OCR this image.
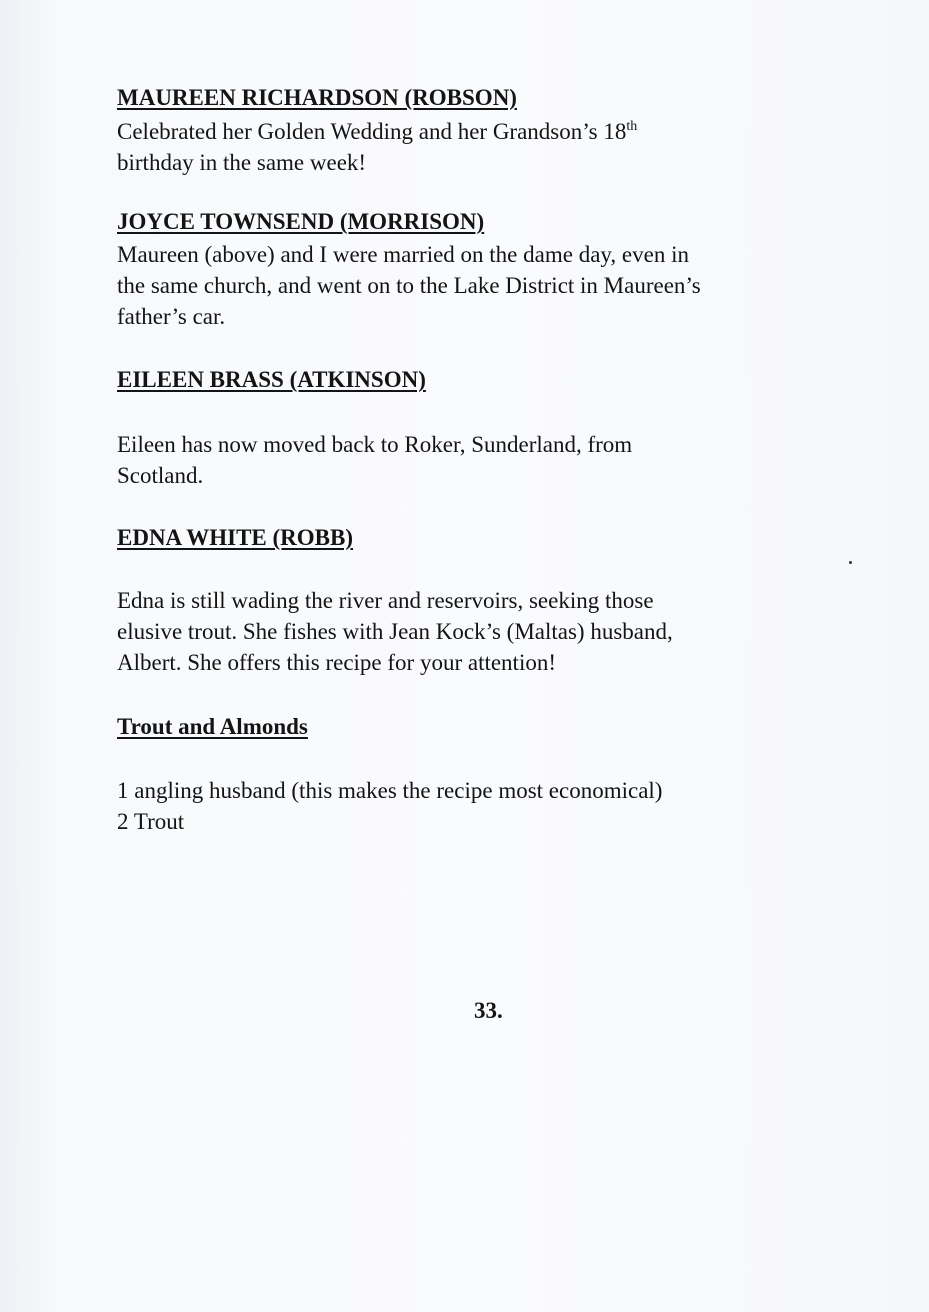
MAUREEN RICHARDSON (ROBSON)

Celebrated her Golden Wedding and her Grandson’s 18th

birthday in the same week!

JOYCE TOWNSEND (MORRISON)

Maureen (above) and I were married on the dame day, even in

the same church, and went on to the Lake District in Maureen’s

father’s car.

EILEEN BRASS (ATKINSON)

Eileen has now moved back to Roker, Sunderland, from

Scotland.

EDNA WHITE (ROBB)

Edna is still wading the river and reservoirs, seeking those

elusive trout. She fishes with Jean Kock’s (Maltas) husband,

Albert. She offers this recipe for your attention!

Trout and Almonds

1 angling husband (this makes the recipe most economical)

2 Trout

33.
